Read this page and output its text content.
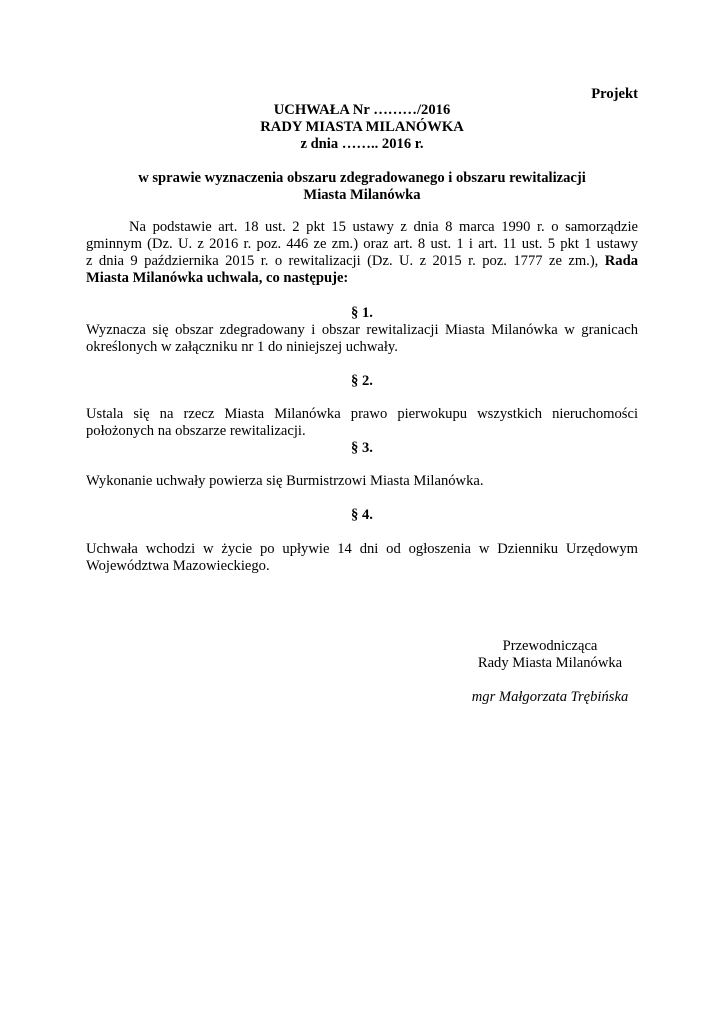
Projekt
UCHWAŁA Nr ………/2016
RADY MIASTA MILANÓWKA
z dnia …….. 2016 r.
w sprawie wyznaczenia obszaru zdegradowanego i obszaru rewitalizacji
Miasta Milanówka
Na podstawie art. 18 ust. 2 pkt 15 ustawy z dnia 8 marca 1990 r. o samorządzie
gminnym (Dz. U. z 2016 r. poz. 446 ze zm.) oraz art. 8 ust. 1 i art. 11 ust. 5 pkt 1 ustawy
z dnia 9 października 2015 r. o rewitalizacji (Dz. U. z 2015 r. poz. 1777 ze zm.), Rada
Miasta Milanówka uchwala, co następuje:
§ 1.
Wyznacza się obszar zdegradowany i obszar rewitalizacji Miasta Milanówka w granicach
określonych w załączniku nr 1 do niniejszej uchwały.
§ 2.
Ustala się na rzecz Miasta Milanówka prawo pierwokupu wszystkich nieruchomości
położonych na obszarze rewitalizacji.
§ 3.
Wykonanie uchwały powierza się Burmistrzowi Miasta Milanówka.
§ 4.
Uchwała wchodzi w życie po upływie 14 dni od ogłoszenia w Dzienniku Urzędowym
Województwa Mazowieckiego.
Przewodnicząca
Rady Miasta Milanówka
mgr Małgorzata Trębińska
